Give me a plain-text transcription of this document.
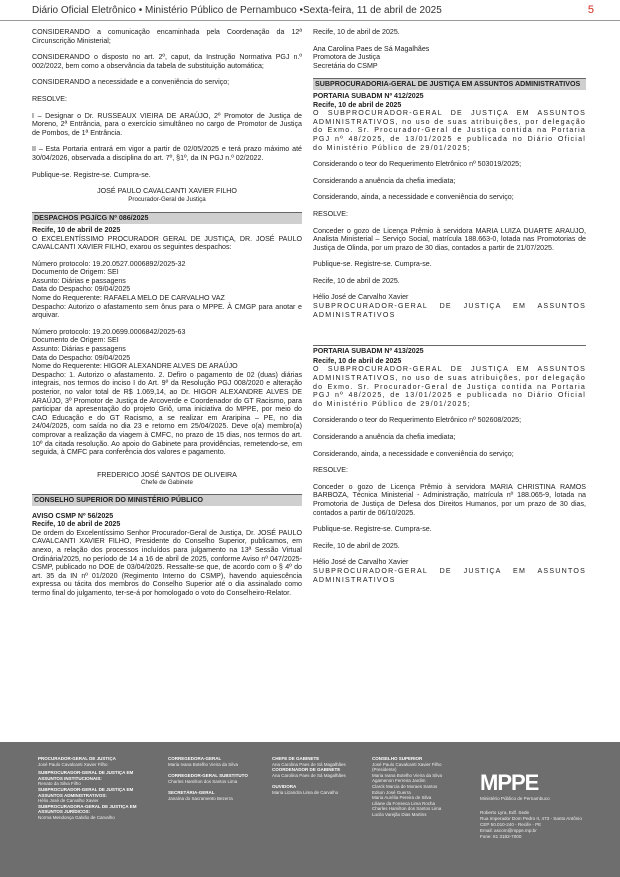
Diário Oficial Eletrônico • Ministério Público de Pernambuco •Sexta-feira, 11 de abril de 2025	5

CONSIDERANDO a comunicação encaminhada pela Coordenação da 12ª Circunscrição Ministerial;

CONSIDERANDO o disposto no art. 2º, caput, da Instrução Normativa PGJ n.º 002/2022, bem como a observância da tabela de substituição automática;

CONSIDERANDO a necessidade e a conveniência do serviço;

RESOLVE:

I – Designar o Dr. RUSSEAUX VIEIRA DE ARAÚJO, 2º Promotor de Justiça de Moreno, 2ª Entrância, para o exercício simultâneo no cargo de Promotor de Justiça de Pombos, de 1ª Entrância.

II – Esta Portaria entrará em vigor a partir de 02/05/2025 e terá prazo máximo até 30/04/2026, observada a disciplina do art. 7º, §1º, da IN PGJ n.º 02/2022.

Publique-se. Registre-se. Cumpra-se.

JOSÉ PAULO CAVALCANTI XAVIER FILHO
Procurador-Geral de Justiça
DESPACHOS PGJ/CG Nº 086/2025

Recife, 10 de abril de 2025

O EXCELENTÍSSIMO PROCURADOR GERAL DE JUSTIÇA, DR. JOSÉ PAULO CAVALCANTI XAVIER FILHO, exarou os seguintes despachos:

Número protocolo: 19.20.0527.0006892/2025-32
Documento de Origem: SEI
Assunto: Diárias e passagens
Data do Despacho: 09/04/2025
Nome do Requerente: RAFAELA MELO DE CARVALHO VAZ
Despacho: Autorizo o afastamento sem ônus para o MPPE. À CMGP para anotar e arquivar.
Número protocolo: 19.20.0699.0006842/2025-63
Documento de Origem: SEI
Assunto: Diárias e passagens
Data do Despacho: 09/04/2025
Nome do Requerente: HIGOR ALEXANDRE ALVES DE ARAÚJO
Despacho: 1. Autorizo o afastamento. 2. Defiro o pagamento de 02 (duas) diárias integrais, nos termos do inciso I do Art. 9º da Resolução PGJ 008/2020 e alteração posterior, no valor total de R$ 1.069,14, ao Dr. HIGOR ALEXANDRE ALVES DE ARAÚJO, 3º Promotor de Justiça de Arcoverde e Coordenador do GT Racismo, para participar da apresentação do projeto Griô, uma iniciativa do MPPE, por meio do CAO Educação e do GT Racismo, a se realizar em Araripina – PE, no dia 24/04/2025, com saída no dia 23 e retorno em 25/04/2025. Deve o(a) membro(a) comprovar a realização da viagem à CMFC, no prazo de 15 dias, nos termos do art. 10º da citada resolução. Ao apoio do Gabinete para providências, remetendo-se, em seguida, à CMFC para conferência dos valores e pagamento.
FREDERICO JOSÉ SANTOS DE OLIVEIRA
Chefe de Gabinete
CONSELHO SUPERIOR DO MINISTÉRIO PÚBLICO

AVISO CSMP Nº 56/2025

Recife, 10 de abril de 2025

De ordem do Excelentíssimo Senhor Procurador-Geral de Justiça, Dr. JOSÉ PAULO CAVALCANTI XAVIER FILHO, Presidente do Conselho Superior, publicamos, em anexo, a relação dos processos incluídos para julgamento na 13ª Sessão Virtual Ordinária/2025, no período de 14 a 16 de abril de 2025, conforme Aviso nº 047/2025-CSMP, publicado no DOE de 03/04/2025. Ressalte-se que, de acordo com o § 4º do art. 35 da IN nº 01/2020 (Regimento Interno do CSMP), havendo aquiescência expressa ou tácita dos membros do Conselho Superior até o dia assinalado como termo final do julgamento, ter-se-á por homologado o voto do Conselheiro-Relator.

Recife, 10 de abril de 2025.

Ana Carolina Paes de Sá Magalhães
Promotora de Justiça
Secretária do CSMP
SUBPROCURADORIA-GERAL DE JUSTIÇA EM ASSUNTOS ADMINISTRATIVOS

PORTARIA SUBADM Nº 412/2025

Recife, 10 de abril de 2025

O SUBPROCURADOR-GERAL DE JUSTIÇA EM ASSUNTOS ADMINISTRATIVOS, no uso de suas atribuições, por delegação do Exmo. Sr. Procurador-Geral de Justiça contida na Portaria PGJ nº 48/2025, de 13/01/2025 e publicada no Diário Oficial do Ministério Público de 29/01/2025;

Considerando o teor do Requerimento Eletrônico nº 503019/2025;

Considerando a anuência da chefia imediata;

Considerando, ainda, a necessidade e conveniência do serviço;

RESOLVE:

Conceder o gozo de Licença Prêmio à servidora MARIA LUIZA DUARTE ARAUJO, Analista Ministerial – Serviço Social, matrícula 188.663-0, lotada nas Promotorias de Justiça de Olinda, por um prazo de 30 dias, contados a partir de 21/07/2025.

Publique-se. Registre-se. Cumpra-se.

Recife, 10 de abril de 2025.

Hélio José de Carvalho Xavier
SUBPROCURADOR-GERAL DE JUSTIÇA EM ASSUNTOS ADMINISTRATIVOS
PORTARIA SUBADM Nº 413/2025

Recife, 10 de abril de 2025

O SUBPROCURADOR-GERAL DE JUSTIÇA EM ASSUNTOS ADMINISTRATIVOS, no uso de suas atribuições, por delegação do Exmo. Sr. Procurador-Geral de Justiça contida na Portaria PGJ nº 48/2025, de 13/01/2025 e publicada no Diário Oficial do Ministério Público de 29/01/2025;

Considerando o teor do Requerimento Eletrônico nº 502608/2025;

Considerando a anuência da chefia imediata;

Considerando, ainda, a necessidade e conveniência do serviço;

RESOLVE:

Conceder o gozo de Licença Prêmio à servidora MARIA CHRISTINA RAMOS BARBOZA, Técnica Ministerial - Administração, matrícula nº 188.065-9, lotada na Promotoria de Justiça de Defesa dos Direitos Humanos, por um prazo de 30 dias, contados a partir de 06/10/2025.

Publique-se. Registre-se. Cumpra-se.

Recife, 10 de abril de 2025.

Hélio José de Carvalho Xavier
SUBPROCURADOR-GERAL DE JUSTIÇA EM ASSUNTOS ADMINISTRATIVOS
PROCURADOR-GERAL DE JUSTIÇA
José Paulo Cavalcanti Xavier Filho
SUBPROCURADOR-GERAL DE JUSTIÇA EM ASSUNTOS INSTITUCIONAIS:
Renato da Silva Filho
SUBPROCURADOR-GERAL DE JUSTIÇA EM ASSUNTOS ADMINISTRATIVOS:
Hélio José de Carvalho Xavier
SUBPROCURADORA-GERAL DE JUSTIÇA EM ASSUNTOS JURÍDICOS:
Norma Mendonça Galvão de Carvalho
CORREGEDORA-GERAL
Maria Ivana Botelho Vieira da Silva
CORREGEDOR-GERAL SUBSTITUTO
Charles Hamilton dos Santos Lima
SECRETÁRIA-GERAL
Janaína do Sacramento Bezerra
CHEFE DE GABINETE
Ana Carolina Paes de Sá Magalhães
COORDENADOR DE GABINETE
Ana Carolina Paes de Sá Magalhães
OUVIDORA
Maria Lizandra Lima de Carvalho
CONSELHO SUPERIOR
José Paulo Cavalcanti Xavier Filho (Presidente)
Maria Ivana Botelho Vieira da Silva
Agamenon Ferreira Jardim
Clarck Marcia de Moraes Santos
Edson José Guerra
Maria Aurélia Pereira de Silva
Liliane da Fonseca Lima Rocha
Charles Hamilton dos Santos Lima
Lucila Varejão Dias Martins
MPPE
Ministério Público de Pernambuco
Roberto Lyra, Edf. Sede
Rua Imperador Dom Pedro II, 473 - Santo Antônio
CEP 50.010-240 - Recife - PE
Email: ascom@mppe.mp.br
Fone: 81 3182-7000
